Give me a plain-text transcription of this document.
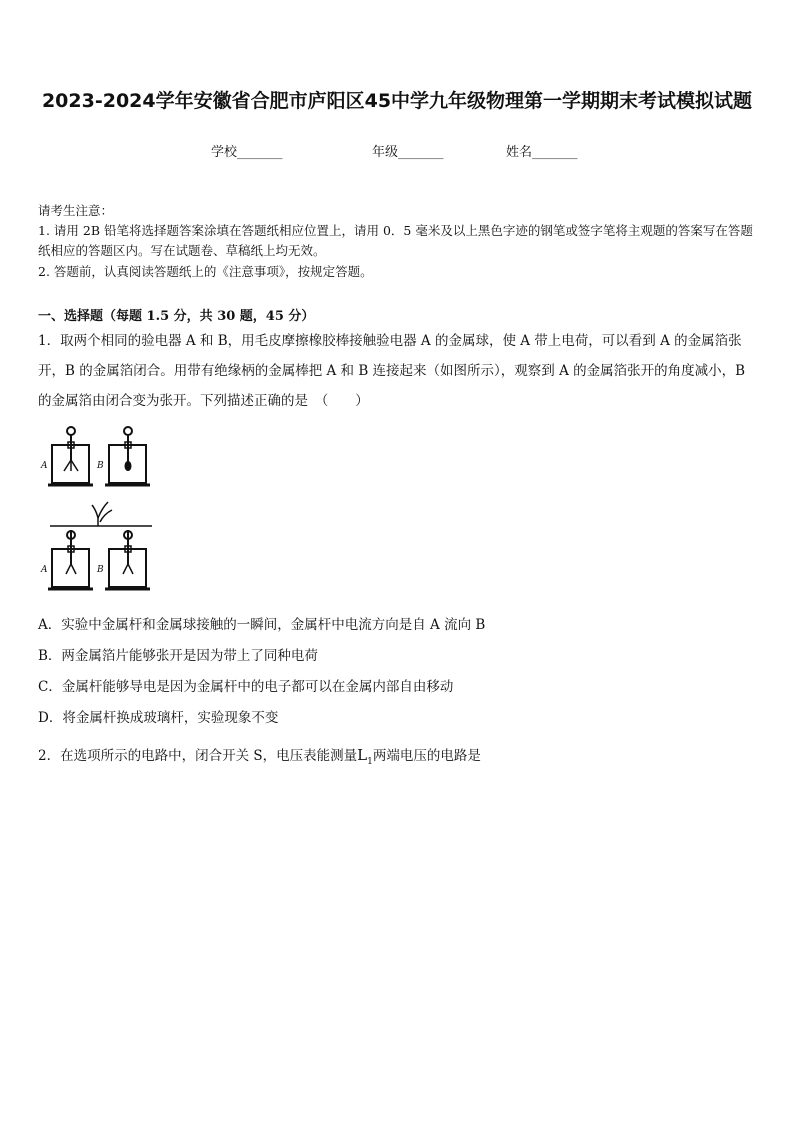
2023-2024学年安徽省合肥市庐阳区45中学九年级物理第一学期期末考试模拟试题
学校_______	年级_______	姓名_______
请考生注意：
1. 请用 2B 铅笔将选择题答案涂填在答题纸相应位置上，请用 0．5 毫米及以上黑色字迹的钢笔或签字笔将主观题的答案写在答题纸相应的答题区内。写在试题卷、草稿纸上均无效。
2. 答题前，认真阅读答题纸上的《注意事项》，按规定答题。
一、选择题（每题 1.5 分，共 30 题，45 分）
1．取两个相同的验电器 A 和 B，用毛皮摩擦橡胶棒接触验电器 A 的金属球，使 A 带上电荷，可以看到 A 的金属箔张
开，B 的金属箔闭合。用带有绝缘柄的金属棒把 A 和 B 连接起来（如图所示），观察到 A 的金属箔张开的角度减小，B
的金属箔由闭合变为张开。下列描述正确的是　（　　）
A	B
A	B
A．实验中金属杆和金属球接触的一瞬间，金属杆中电流方向是自 A 流向 B
B．两金属箔片能够张开是因为带上了同种电荷
C．金属杆能够导电是因为金属杆中的电子都可以在金属内部自由移动
D．将金属杆换成玻璃杆，实验现象不变
2．在选项所示的电路中，闭合开关 S，电压表能测量$L_1$两端电压的电路是
